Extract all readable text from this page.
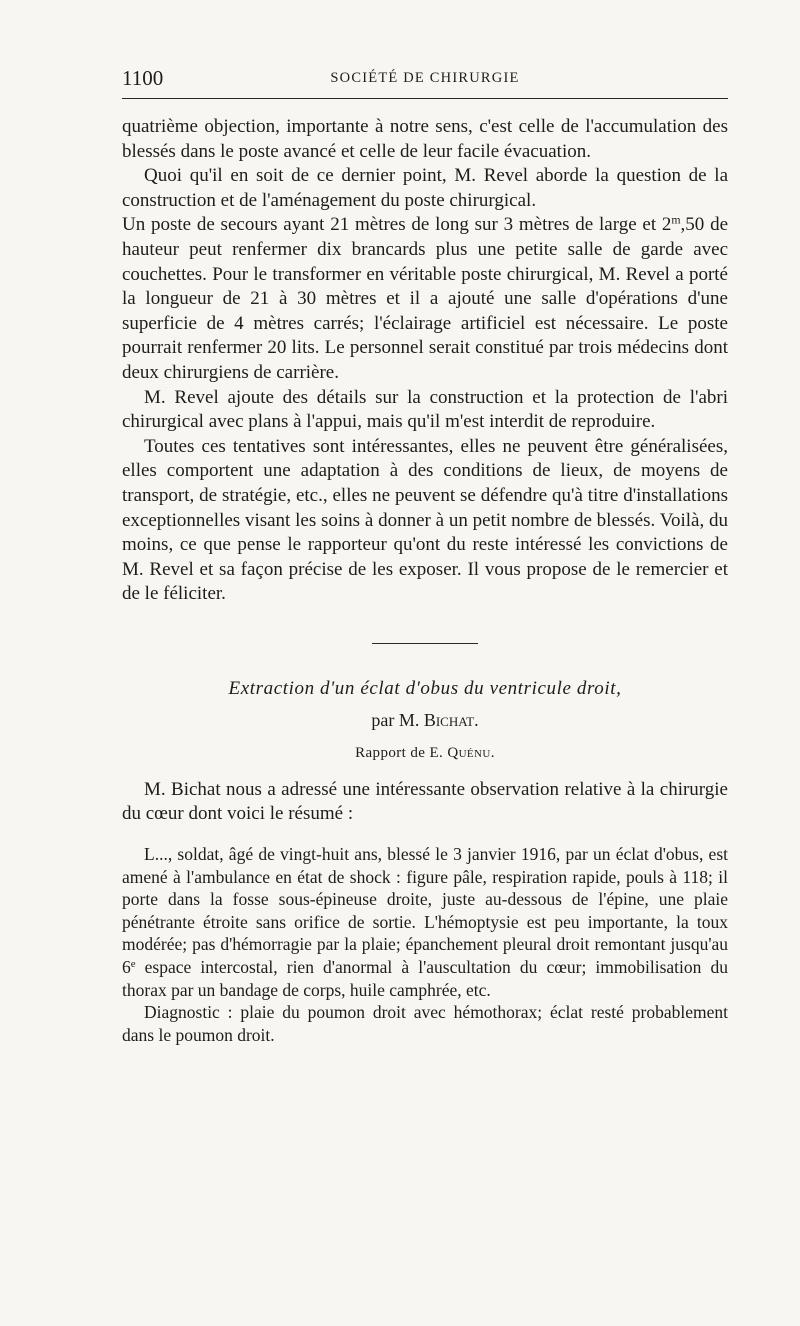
1100	SOCIÉTÉ DE CHIRURGIE

quatrième objection, importante à notre sens, c'est celle de l'accumulation des blessés dans le poste avancé et celle de leur facile évacuation.

Quoi qu'il en soit de ce dernier point, M. Revel aborde la question de la construction et de l'aménagement du poste chirurgical.

Un poste de secours ayant 21 mètres de long sur 3 mètres de large et 2$^m$,50 de hauteur peut renfermer dix brancards plus une petite salle de garde avec couchettes. Pour le transformer en véritable poste chirurgical, M. Revel a porté la longueur de 21 à 30 mètres et il a ajouté une salle d'opérations d'une superficie de 4 mètres carrés; l'éclairage artificiel est nécessaire. Le poste pourrait renfermer 20 lits. Le personnel serait constitué par trois médecins dont deux chirurgiens de carrière.

M. Revel ajoute des détails sur la construction et la protection de l'abri chirurgical avec plans à l'appui, mais qu'il m'est interdit de reproduire.

Toutes ces tentatives sont intéressantes, elles ne peuvent être généralisées, elles comportent une adaptation à des conditions de lieux, de moyens de transport, de stratégie, etc., elles ne peuvent se défendre qu'à titre d'installations exceptionnelles visant les soins à donner à un petit nombre de blessés. Voilà, du moins, ce que pense le rapporteur qu'ont du reste intéressé les convictions de M. Revel et sa façon précise de les exposer. Il vous propose de le remercier et de le féliciter.

Extraction d'un éclat d'obus du ventricule droit,
par M. Bichat.
Rapport de E. Quénu.

M. Bichat nous a adressé une intéressante observation relative à la chirurgie du cœur dont voici le résumé :

L..., soldat, âgé de vingt-huit ans, blessé le 3 janvier 1916, par un éclat d'obus, est amené à l'ambulance en état de shock : figure pâle, respiration rapide, pouls à 118; il porte dans la fosse sous-épineuse droite, juste au-dessous de l'épine, une plaie pénétrante étroite sans orifice de sortie. L'hémoptysie est peu importante, la toux modérée; pas d'hémorragie par la plaie; épanchement pleural droit remontant jusqu'au 6e espace intercostal, rien d'anormal à l'auscultation du cœur; immobilisation du thorax par un bandage de corps, huile camphrée, etc.

Diagnostic : plaie du poumon droit avec hémothorax; éclat resté probablement dans le poumon droit.
